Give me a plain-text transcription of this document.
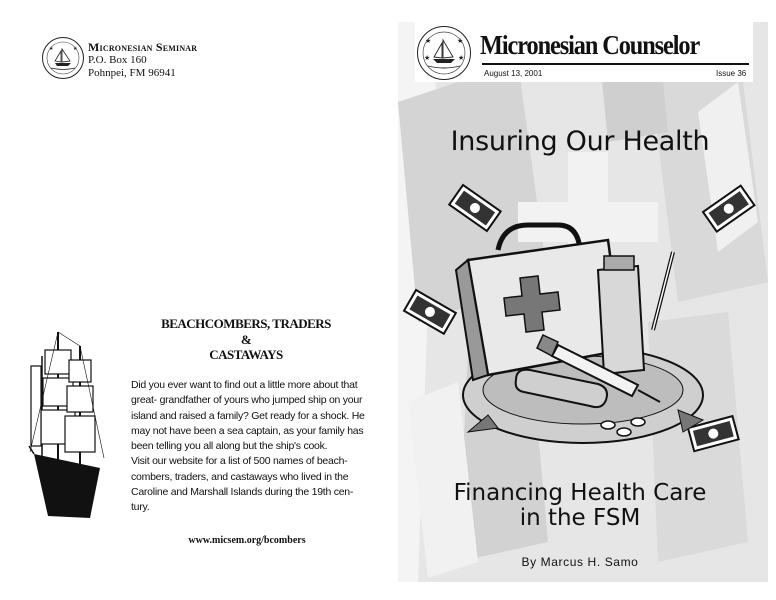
★	★ Micronesian Seminar
P.O. Box 160
Pohnpei, FM 96941
BEACHCOMBERS, TRADERS
&
CASTAWAYS

Did you ever want to find out a little more about that great- grandfather of yours who jumped ship on your island and raised a family? Get ready for a shock. He may not have been a sea captain, as your family has been telling you all along but the ship's cook.

Visit our website for a list of 500 names of beach-combers, traders, and castaways who lived in the Caroline and Marshall Islands during the 19th cen-tury.

www.micsem.org/bcombers
★	★
★	★ Micronesian Counselor
August 13, 2001	Issue 36
Insuring Our Health
Financing Health Care
in the FSM
By Marcus H. Samo
